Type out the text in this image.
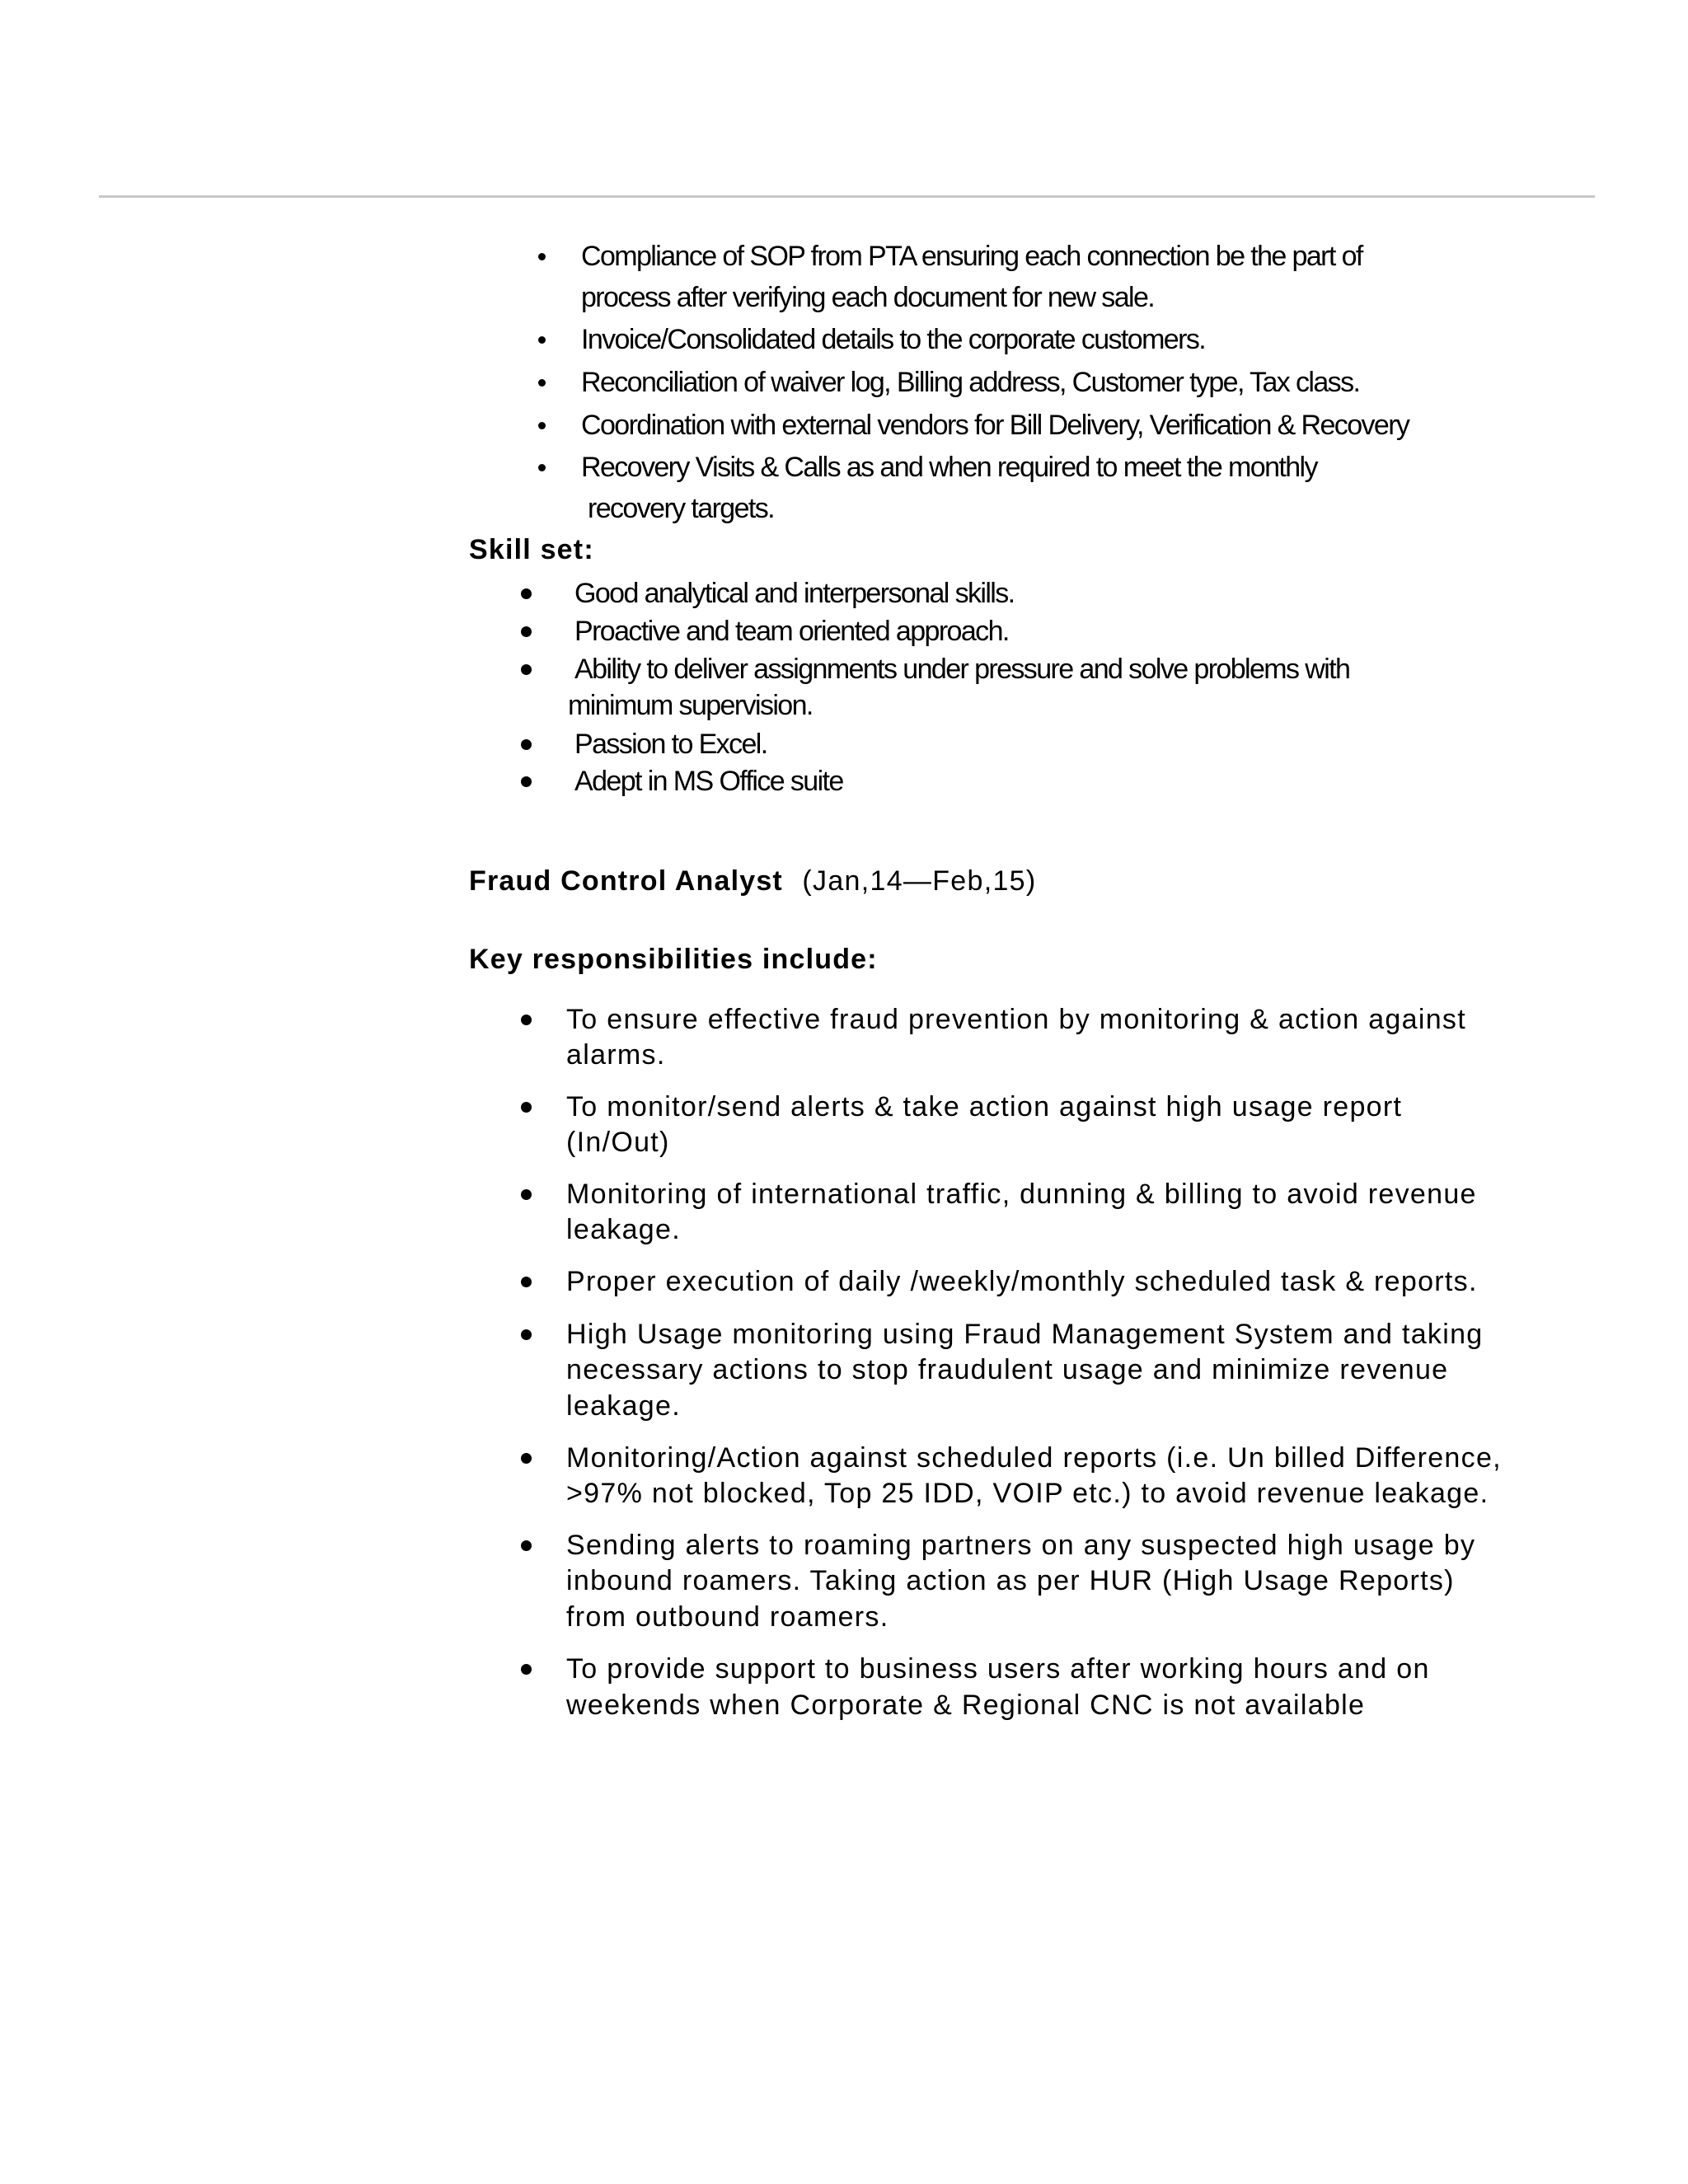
Compliance of SOP from PTA ensuring each connection be the part of
process after verifying each document for new sale.
Invoice/Consolidated details to the corporate customers.
Reconciliation of waiver log, Billing address, Customer type, Tax class.
Coordination with external vendors for Bill Delivery, Verification & Recovery
Recovery Visits & Calls as and when required to meet the monthly
recovery targets.
Skill set:
Good analytical and interpersonal skills.
Proactive and team oriented approach.
Ability to deliver assignments under pressure and solve problems with
minimum supervision.
Passion to Excel.
Adept in MS Office suite
Fraud Control Analyst (Jan,14—Feb,15)
Key responsibilities include:
To ensure effective fraud prevention by monitoring & action against
alarms.
To monitor/send alerts & take action against high usage report
(In/Out)
Monitoring of international traffic, dunning & billing to avoid revenue
leakage.
Proper execution of daily /weekly/monthly scheduled task & reports.
High Usage monitoring using Fraud Management System and taking
necessary actions to stop fraudulent usage and minimize revenue
leakage.
Monitoring/Action against scheduled reports (i.e. Un billed Difference,
>97% not blocked, Top 25 IDD, VOIP etc.) to avoid revenue leakage.
Sending alerts to roaming partners on any suspected high usage by
inbound roamers. Taking action as per HUR (High Usage Reports)
from outbound roamers.
To provide support to business users after working hours and on
weekends when Corporate & Regional CNC is not available
